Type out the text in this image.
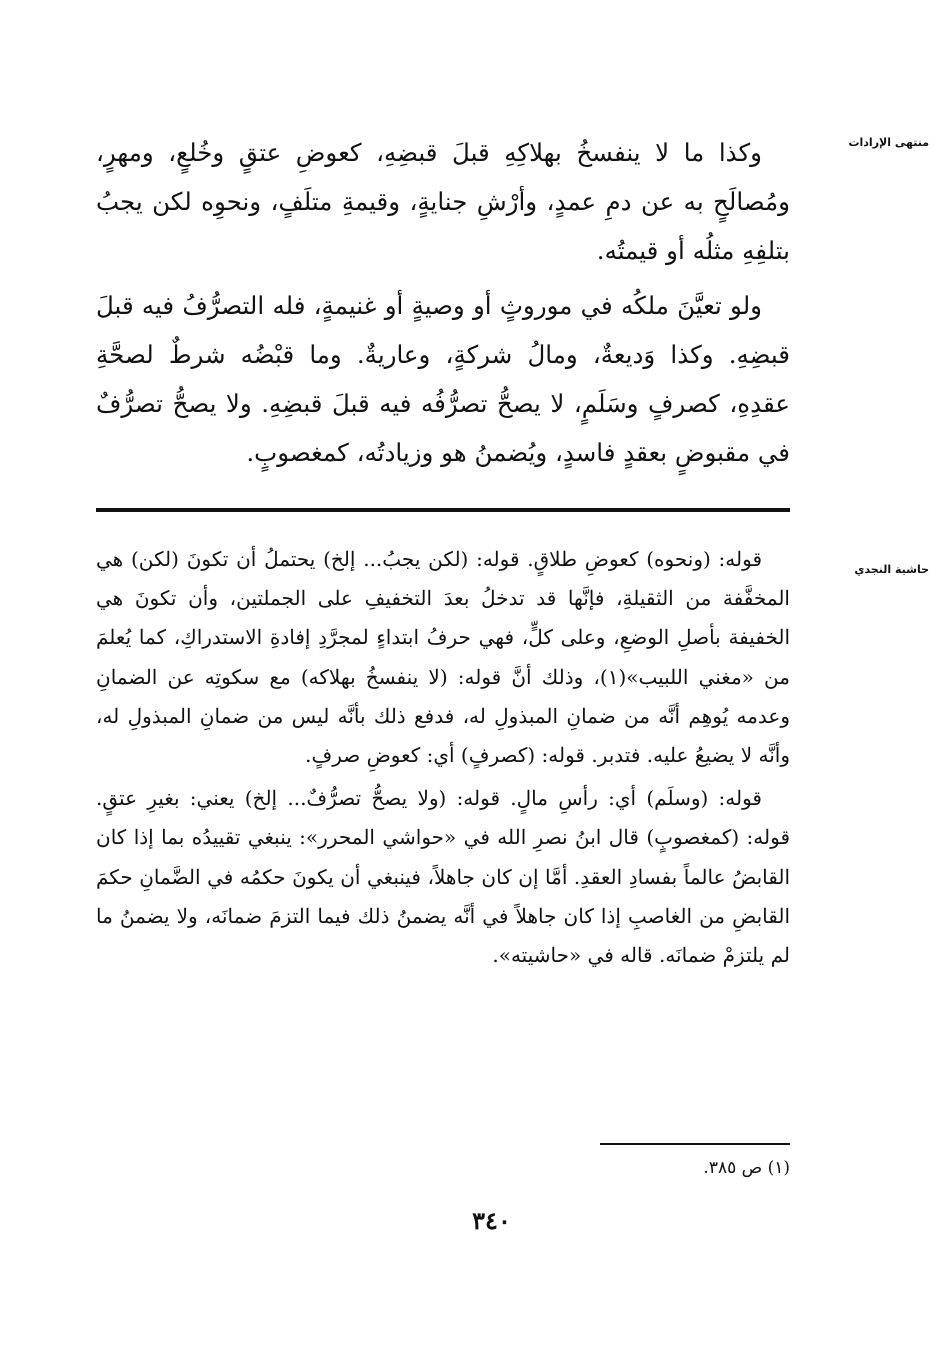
منتهى الإرادات

وكذا ما لا ينفسخُ بهلاكِهِ قبلَ قبضِهِ، كعوضِ عتقٍ وخُلعٍ، ومهرٍ، ومُصالَحٍ به عن دمِ عمدٍ، وأرْشِ جنايةٍ، وقيمةِ متلَفٍ، ونحوِه لكن يجبُ بتلفِهِ مثلُه أو قيمتُه.

ولو تعيَّنَ ملكُه في موروثٍ أو وصيةٍ أو غنيمةٍ، فله التصرُّفُ فيه قبلَ قبضِهِ. وكذا وَديعةٌ، ومالُ شركةٍ، وعاريةٌ. وما قبْضُه شرطٌ لصحَّةِ عقدِهِ، كصرفٍ وسَلَمٍ، لا يصحُّ تصرُّفُه فيه قبلَ قبضِهِ. ولا يصحُّ تصرُّفٌ في مقبوضٍ بعقدٍ فاسدٍ، ويُضمنُ هو وزيادتُه، كمغصوبٍ.

حاشية النجدي

قوله: (ونحوه) كعوضِ طلاقٍ. قوله: (لكن يجبُ... إلخ) يحتملُ أن تكونَ (لكن) هي المخفَّفة من الثقيلةِ، فإنَّها قد تدخلُ بعدَ التخفيفِ على الجملتين، وأن تكونَ هي الخفيفة بأصلِ الوضعِ، وعلى كلٍّ، فهي حرفُ ابتداءٍ لمجرَّدِ إفادةِ الاستدراكِ، كما يُعلمَ من «مغني اللبيب»(١)، وذلك أنَّ قوله: (لا ينفسخُ بهلاكه) مع سكوتِه عن الضمانِ وعدمه يُوهِم أنَّه من ضمانِ المبذولِ له، فدفع ذلك بأنَّه ليس من ضمانِ المبذولِ له، وأنَّه لا يضيعُ عليه. فتدبر. قوله: (كصرفٍ) أي: كعوضِ صرفٍ.

قوله: (وسلَم) أي: رأسِ مالٍ. قوله: (ولا يصحُّ تصرُّفٌ... إلخ) يعني: بغيرِ عتقٍ. قوله: (كمغصوبٍ) قال ابنُ نصرِ الله في «حواشي المحرر»: ينبغي تقييدُه بما إذا كان القابضُ عالماً بفسادِ العقدِ. أمَّا إن كان جاهلاً، فينبغي أن يكونَ حكمُه في الضَّمانِ حكمَ القابضِ من الغاصبِ إذا كان جاهلاً في أنَّه يضمنُ ذلك فيما التزمَ ضمانَه، ولا يضمنُ ما لم يلتزمْ ضمانَه. قاله في «حاشيته».

(١) ص ٣٨٥.
٣٤٠
